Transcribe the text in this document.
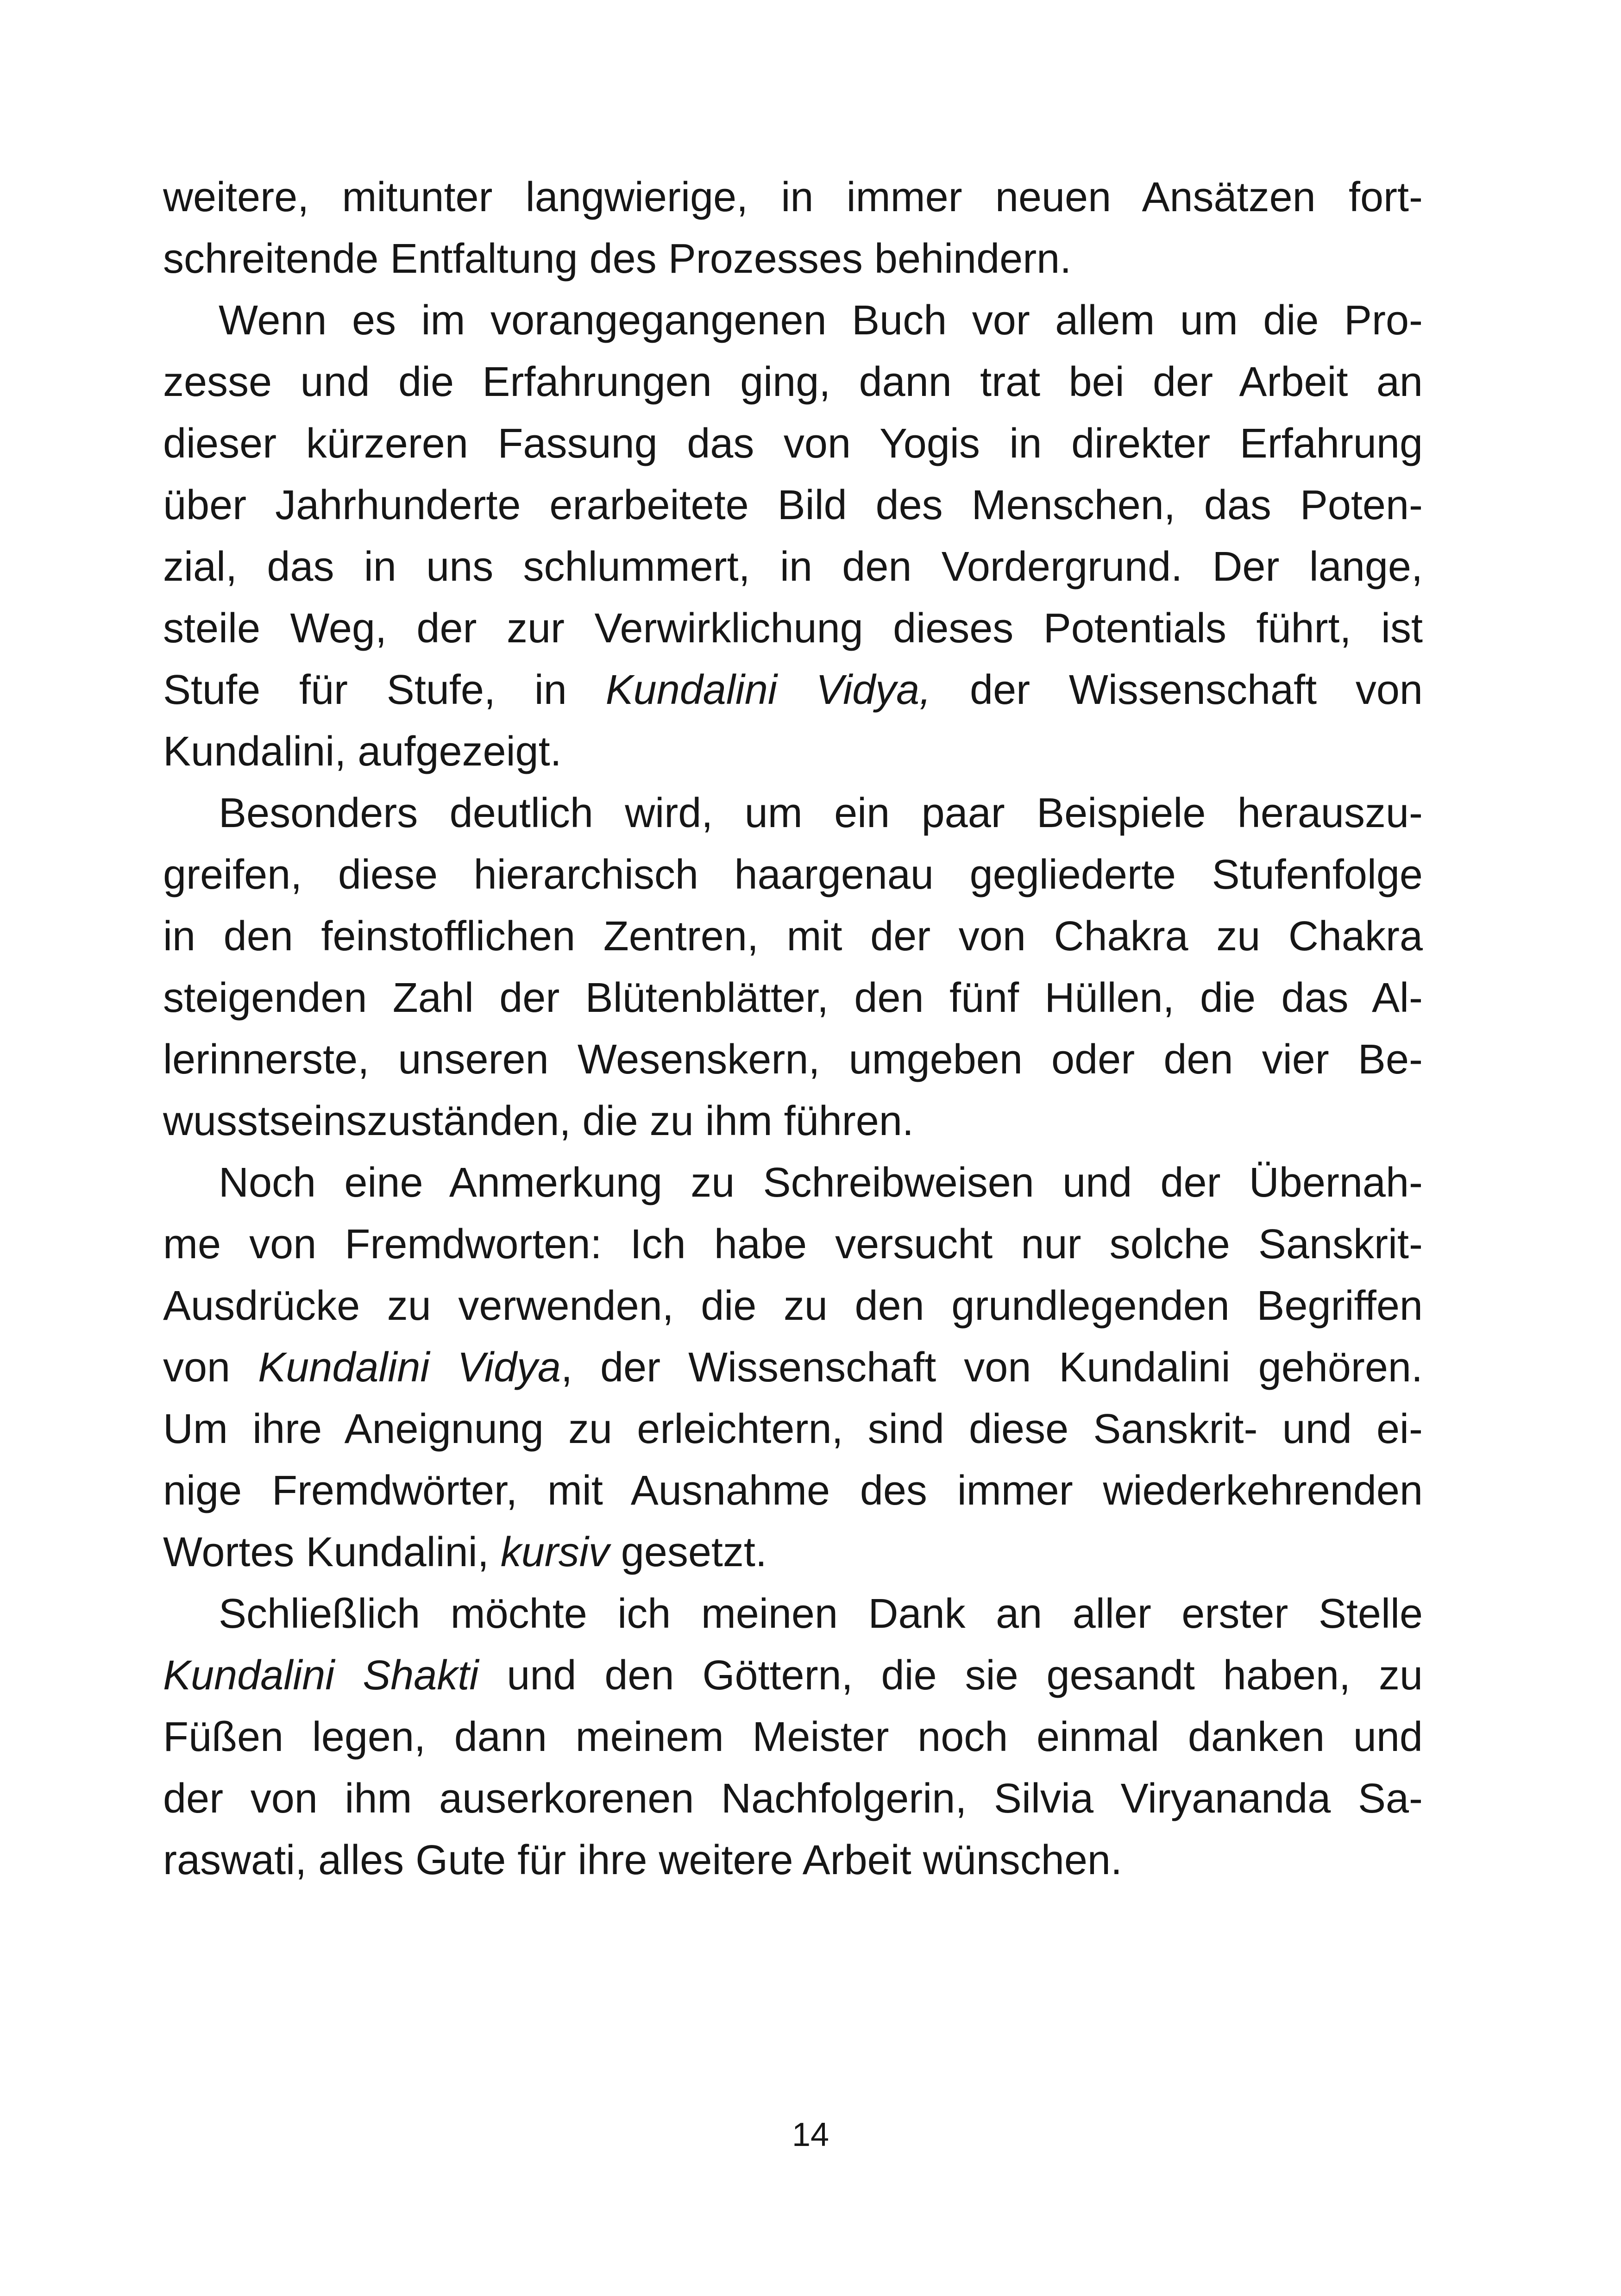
weitere, mitunter langwierige, in immer neuen Ansätzen fort-
schreitende Entfaltung des Prozesses behindern.
Wenn es im vorangegangenen Buch vor allem um die Pro-
zesse und die Erfahrungen ging, dann trat bei der Arbeit an
dieser kürzeren Fassung das von Yogis in direkter Erfahrung
über Jahrhunderte erarbeitete Bild des Menschen, das Poten-
zial, das in uns schlummert, in den Vordergrund. Der lange,
steile Weg, der zur Verwirklichung dieses Potentials führt, ist
Stufe für Stufe, in Kundalini Vidya, der Wissenschaft von
Kundalini, aufgezeigt.
Besonders deutlich wird, um ein paar Beispiele herauszu-
greifen, diese hierarchisch haargenau gegliederte Stufenfolge
in den feinstofflichen Zentren, mit der von Chakra zu Chakra
steigenden Zahl der Blütenblätter, den fünf Hüllen, die das Al-
lerinnerste, unseren Wesenskern, umgeben oder den vier Be-
wusstseinszuständen, die zu ihm führen.
Noch eine Anmerkung zu Schreibweisen und der Übernah-
me von Fremdworten: Ich habe versucht nur solche Sanskrit-
Ausdrücke zu verwenden, die zu den grundlegenden Begriffen
von Kundalini Vidya, der Wissenschaft von Kundalini gehören.
Um ihre Aneignung zu erleichtern, sind diese Sanskrit- und ei-
nige Fremdwörter, mit Ausnahme des immer wiederkehrenden
Wortes Kundalini, kursiv gesetzt.
Schließlich möchte ich meinen Dank an aller erster Stelle
Kundalini Shakti und den Göttern, die sie gesandt haben, zu
Füßen legen, dann meinem Meister noch einmal danken und
der von ihm auserkorenen Nachfolgerin, Silvia Viryananda Sa-
raswati, alles Gute für ihre weitere Arbeit wünschen.
14
